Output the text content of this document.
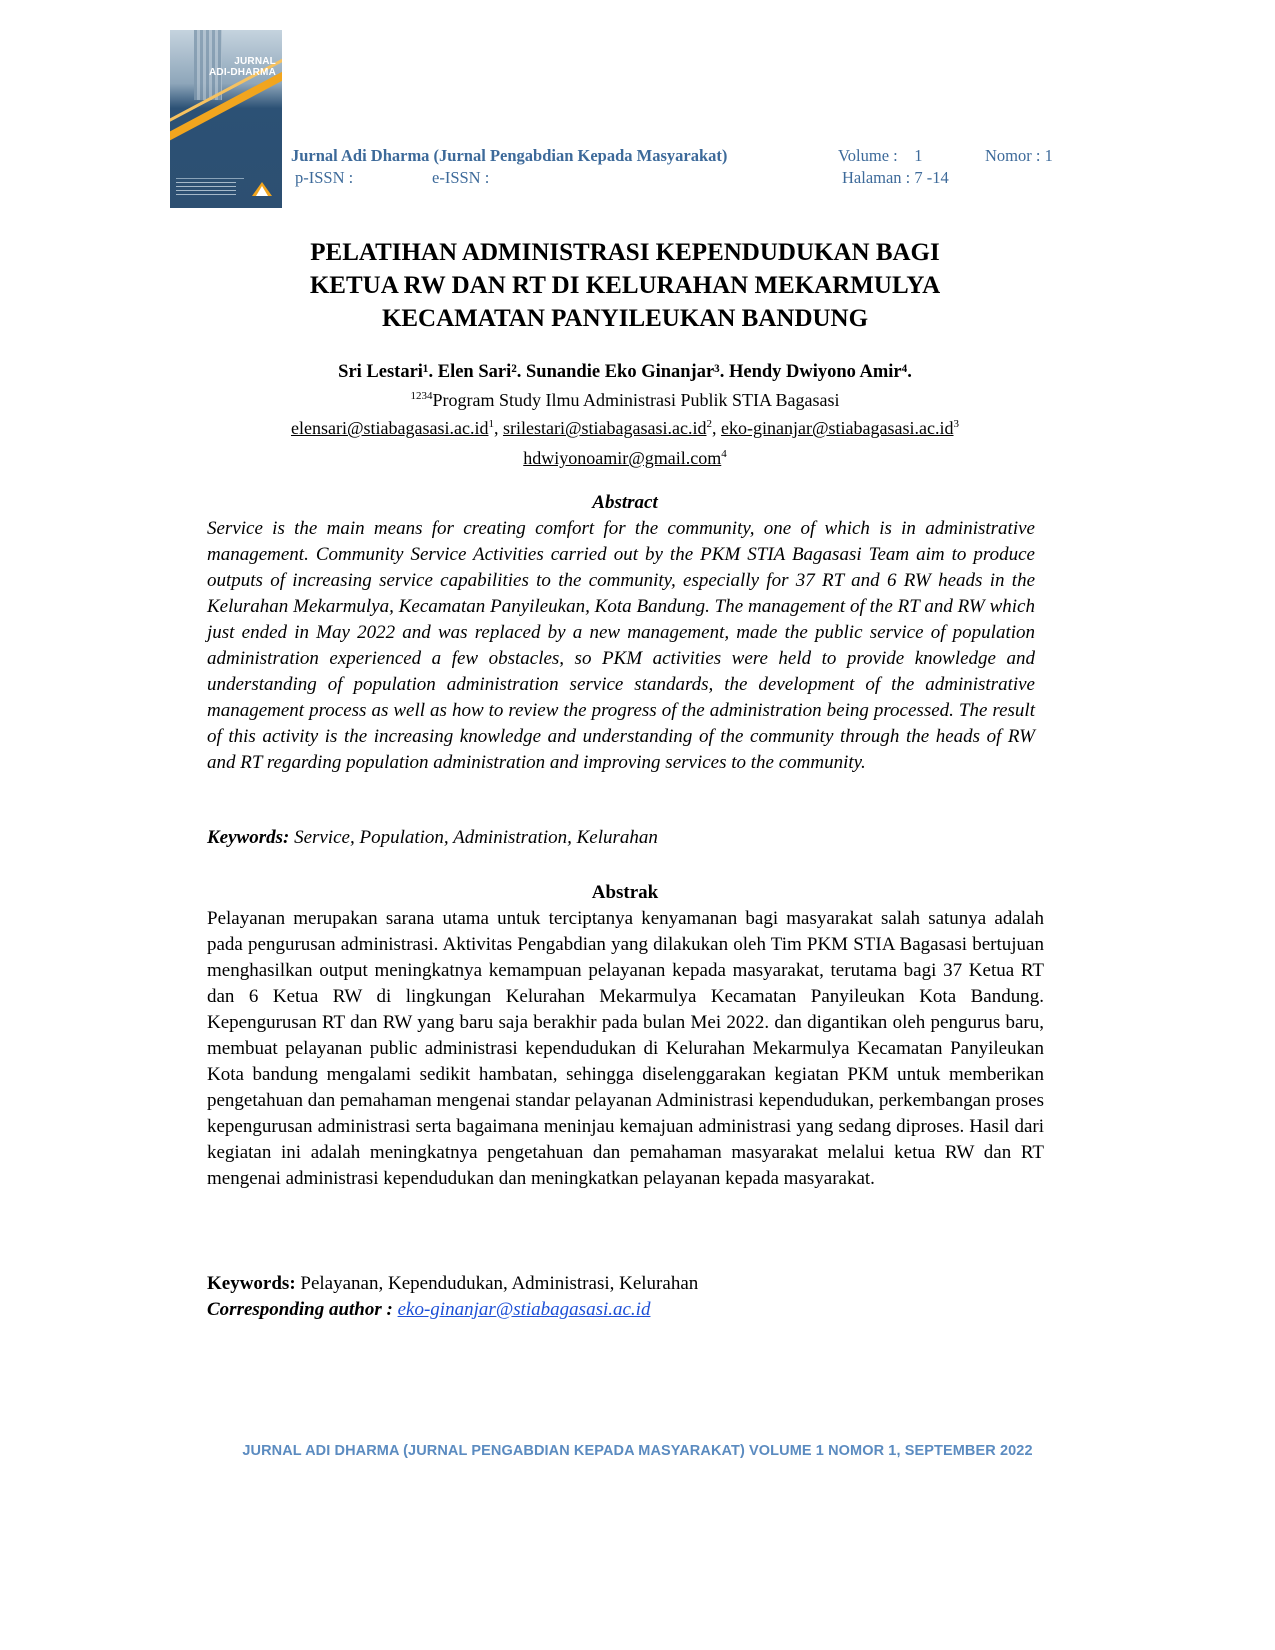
JURNAL
ADI-DHARMA
Jurnal Adi Dharma (Jurnal Pengabdian Kepada Masyarakat)	Volume :    1	Nomor : 1
p-ISSN :	e-ISSN :	Halaman : 7 -14
PELATIHAN ADMINISTRASI KEPENDUDUKAN BAGI
KETUA RW DAN RT DI KELURAHAN MEKARMULYA
KECAMATAN PANYILEUKAN BANDUNG
Sri Lestari¹. Elen Sari². Sunandie Eko Ginanjar³. Hendy Dwiyono Amir⁴.
$^{1234}$Program Study Ilmu Administrasi Publik STIA Bagasasi
$elensari@stiabagasasi.ac.id^1$, $srilestari@stiabagasasi.ac.id^2$, eko-$ginanjar@stiabagasasi.ac.id^3$
hdwiyonoamir@gmail.com$^4$
Abstract
Service is the main means for creating comfort for the community, one of which is in administrative management. Community Service Activities carried out by the PKM STIA Bagasasi Team aim to produce outputs of increasing service capabilities to the community, especially for 37 RT and 6 RW heads in the Kelurahan Mekarmulya, Kecamatan Panyileukan, Kota Bandung. The management of the RT and RW which just ended in May 2022 and was replaced by a new management, made the public service of population administration experienced a few obstacles, so PKM activities were held to provide knowledge and understanding of population administration service standards, the development of the administrative management process as well as how to review the progress of the administration being processed. The result of this activity is the increasing knowledge and understanding of the community through the heads of RW and RT regarding population administration and improving services to the community.
Keywords: Service, Population, Administration, Kelurahan
Abstrak
Pelayanan merupakan sarana utama untuk terciptanya kenyamanan bagi masyarakat salah satunya adalah pada pengurusan administrasi. Aktivitas Pengabdian yang dilakukan oleh Tim PKM STIA Bagasasi bertujuan menghasilkan output meningkatnya kemampuan pelayanan kepada masyarakat, terutama bagi 37 Ketua RT dan 6 Ketua RW di lingkungan Kelurahan Mekarmulya Kecamatan Panyileukan Kota Bandung. Kepengurusan RT dan RW yang baru saja berakhir pada bulan Mei 2022. dan digantikan oleh pengurus baru, membuat pelayanan public administrasi kependudukan di Kelurahan Mekarmulya Kecamatan Panyileukan Kota bandung mengalami sedikit hambatan, sehingga diselenggarakan kegiatan PKM untuk memberikan pengetahuan dan pemahaman mengenai standar pelayanan Administrasi kependudukan, perkembangan proses kepengurusan administrasi serta bagaimana meninjau kemajuan administrasi yang sedang diproses. Hasil dari kegiatan ini adalah meningkatnya pengetahuan dan pemahaman masyarakat melalui ketua RW dan RT mengenai administrasi kependudukan dan meningkatkan pelayanan kepada masyarakat.
Keywords: Pelayanan, Kependudukan, Administrasi, Kelurahan
Corresponding author : eko-ginanjar@stiabagasasi.ac.id
JURNAL ADI DHARMA (JURNAL PENGABDIAN KEPADA MASYARAKAT) VOLUME 1 NOMOR 1, SEPTEMBER 2022
